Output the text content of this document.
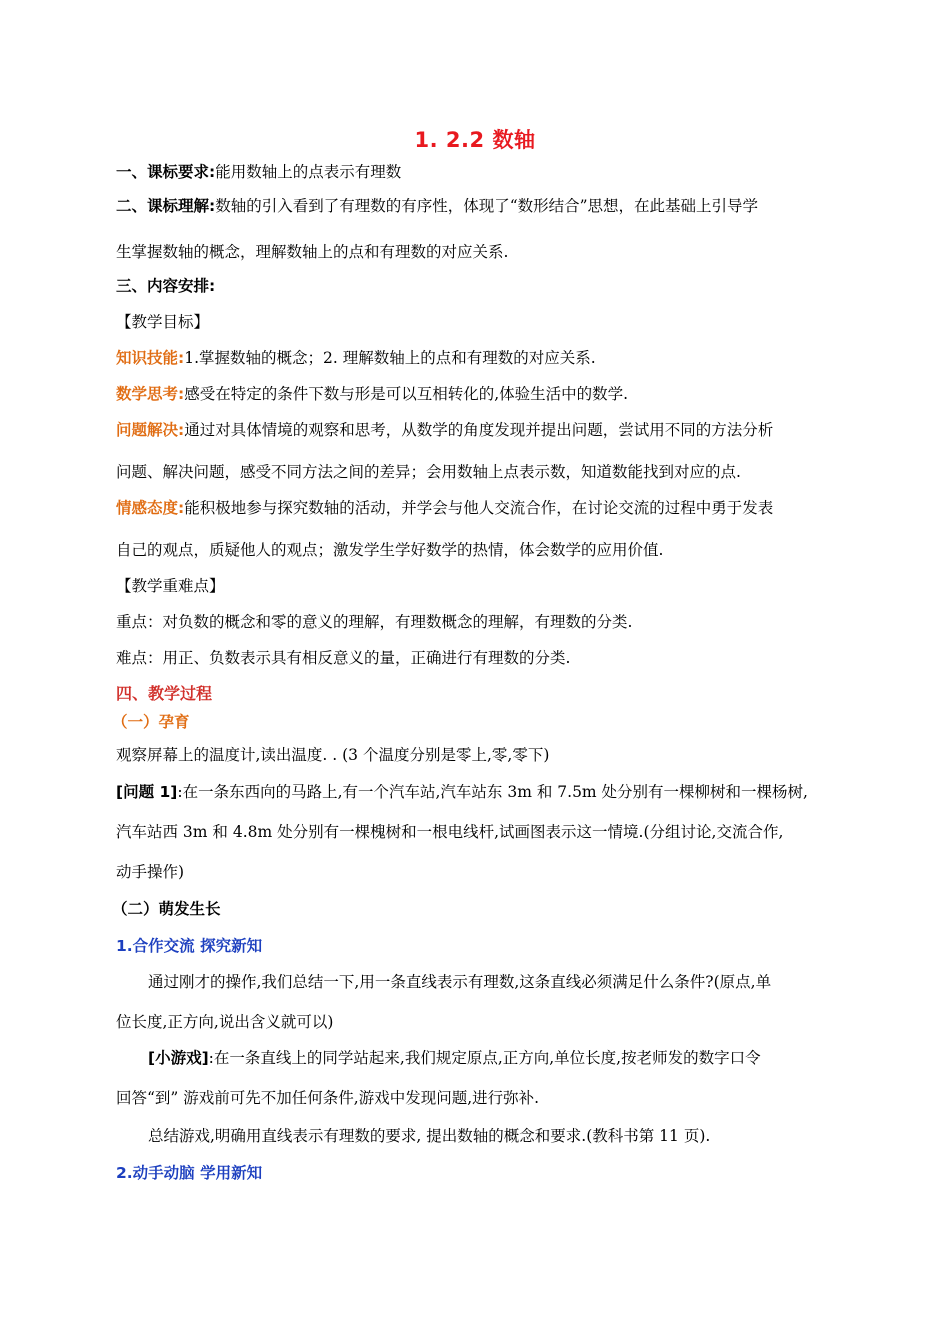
1. 2.2 数轴
一、课标要求:能用数轴上的点表示有理数
二、课标理解:数轴的引入看到了有理数的有序性，体现了“数形结合”思想，在此基础上引导学
生掌握数轴的概念，理解数轴上的点和有理数的对应关系.
三、内容安排:
【教学目标】
知识技能:1.掌握数轴的概念；2. 理解数轴上的点和有理数的对应关系.
数学思考:感受在特定的条件下数与形是可以互相转化的,体验生活中的数学.
问题解决:通过对具体情境的观察和思考，从数学的角度发现并提出问题，尝试用不同的方法分析
问题、解决问题，感受不同方法之间的差异；会用数轴上点表示数，知道数能找到对应的点.
情感态度:能积极地参与探究数轴的活动，并学会与他人交流合作，在讨论交流的过程中勇于发表
自己的观点，质疑他人的观点；激发学生学好数学的热情，体会数学的应用价值.
【教学重难点】
重点：对负数的概念和零的意义的理解，有理数概念的理解，有理数的分类.
难点：用正、负数表示具有相反意义的量，正确进行有理数的分类.
四、教学过程
（一）孕育
观察屏幕上的温度计,读出温度. . (3 个温度分别是零上,零,零下)
[问题 1]:在一条东西向的马路上,有一个汽车站,汽车站东 3m 和 7.5m 处分别有一棵柳树和一棵杨树,
汽车站西 3m 和 4.8m 处分别有一棵槐树和一根电线杆,试画图表示这一情境.(分组讨论,交流合作,
动手操作)
（二）萌发生长
1.合作交流 探究新知
通过刚才的操作,我们总结一下,用一条直线表示有理数,这条直线必须满足什么条件?(原点,单
位长度,正方向,说出含义就可以)
[小游戏]:在一条直线上的同学站起来,我们规定原点,正方向,单位长度,按老师发的数字口令
回答“到” 游戏前可先不加任何条件,游戏中发现问题,进行弥补.
总结游戏,明确用直线表示有理数的要求, 提出数轴的概念和要求.(教科书第 11 页).
2.动手动脑 学用新知
